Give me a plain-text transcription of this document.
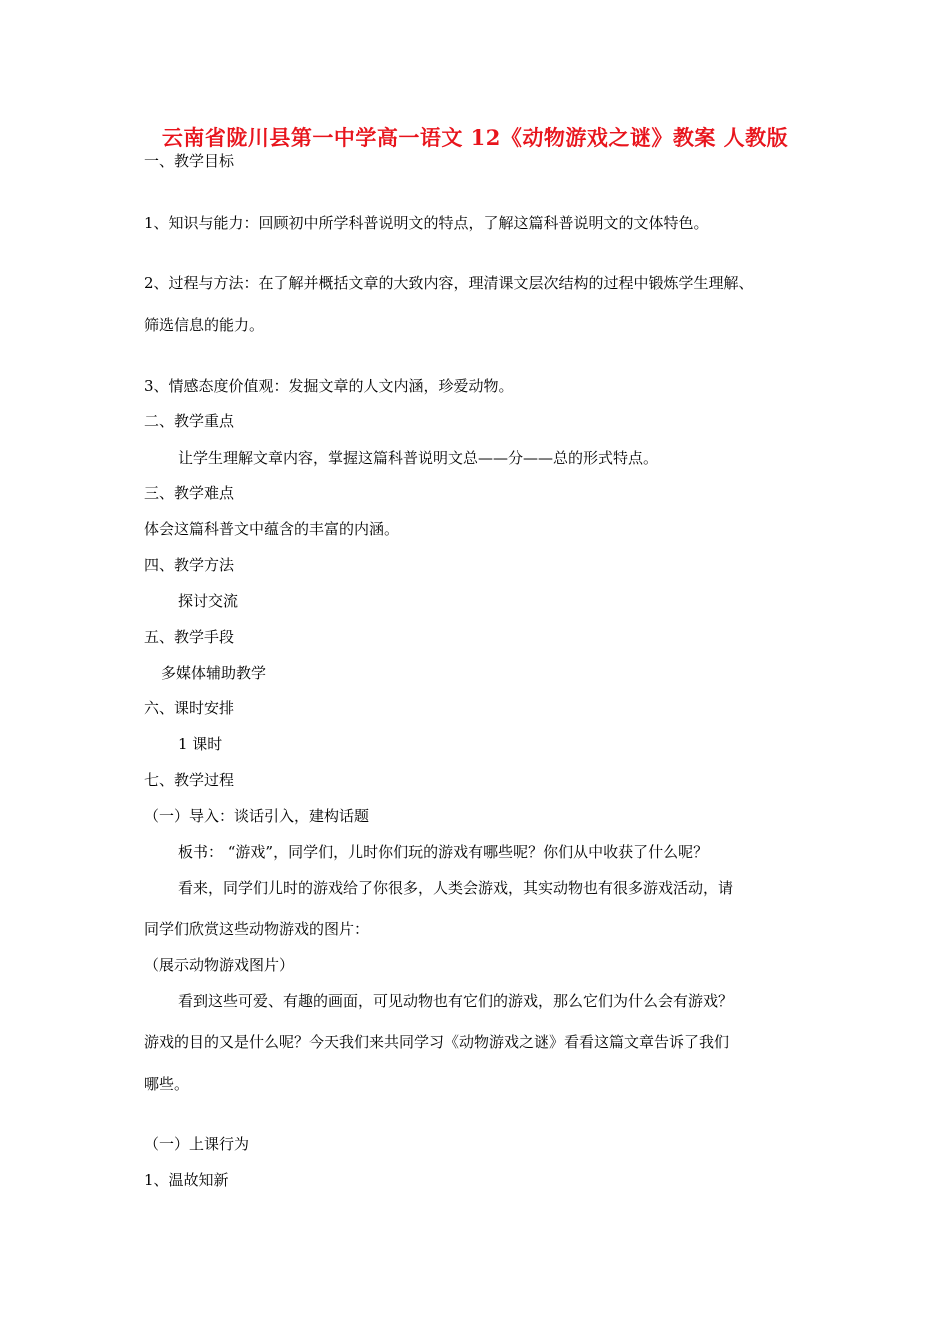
云南省陇川县第一中学高一语文 12《动物游戏之谜》教案 人教版
一、教学目标
1、知识与能力：回顾初中所学科普说明文的特点，了解这篇科普说明文的文体特色。
2、过程与方法：在了解并概括文章的大致内容，理清课文层次结构的过程中锻炼学生理解、
筛选信息的能力。
3、情感态度价值观：发掘文章的人文内涵，珍爱动物。
二、教学重点
让学生理解文章内容，掌握这篇科普说明文总——分——总的形式特点。
三、教学难点
体会这篇科普文中蕴含的丰富的内涵。
四、教学方法
探讨交流
五、教学手段
多媒体辅助教学
六、课时安排
1 课时
七、教学过程
（一）导入：谈话引入，建构话题
板书： “游戏”，同学们，儿时你们玩的游戏有哪些呢？你们从中收获了什么呢？
看来，同学们儿时的游戏给了你很多，人类会游戏，其实动物也有很多游戏活动，请
同学们欣赏这些动物游戏的图片：
（展示动物游戏图片）
看到这些可爱、有趣的画面，可见动物也有它们的游戏，那么它们为什么会有游戏？
游戏的目的又是什么呢？今天我们来共同学习《动物游戏之谜》看看这篇文章告诉了我们
哪些。
（一）上课行为
1、温故知新
